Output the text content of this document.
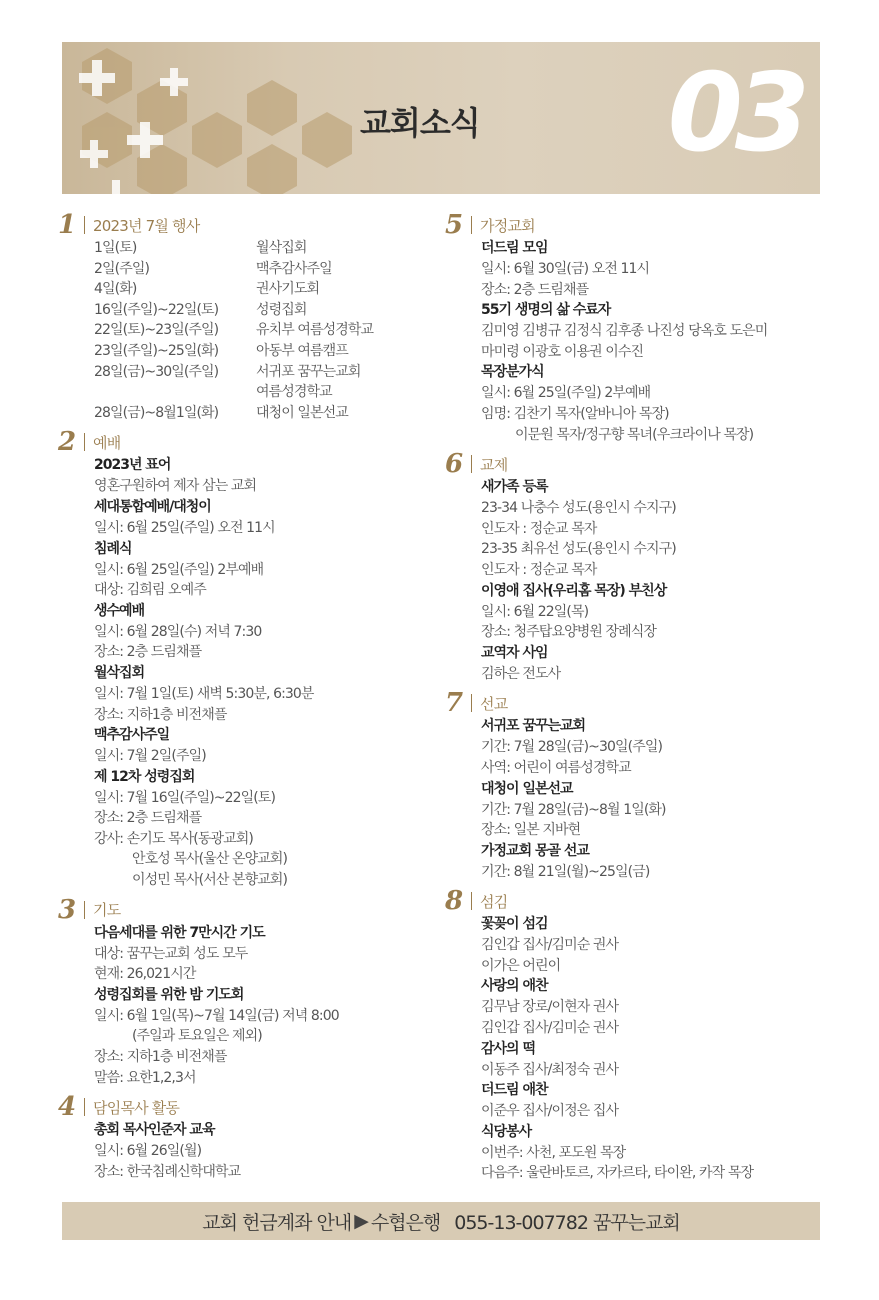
교회소식 03
1 2023년 7월 행사
1일(토)	월삭집회
2일(주일)	맥추감사주일
4일(화)	권사기도회
16일(주일)~22일(토)	성령집회
22일(토)~23일(주일)	유치부 여름성경학교
23일(주일)~25일(화)	아동부 여름캠프
28일(금)~30일(주일)	서귀포 꿈꾸는교회
여름성경학교
28일(금)~8월1일(화)	대청이 일본선교
2 예배
2023년 표어
영혼구원하여 제자 삼는 교회
세대통합예배/대청이
일시: 6월 25일(주일) 오전 11시
침례식
일시: 6월 25일(주일) 2부예배
대상: 김희림 오예주
생수예배
일시: 6월 28일(수) 저녁 7:30
장소: 2층 드림채플
월삭집회
일시: 7월 1일(토) 새벽 5:30분, 6:30분
장소: 지하1층 비전채플
맥추감사주일
일시: 7월 2일(주일)
제 12차 성령집회
일시: 7월 16일(주일)~22일(토)
장소: 2층 드림채플
강사: 손기도 목사(동광교회)
안호성 목사(울산 온양교회)
이성민 목사(서산 본향교회)
3 기도
다음세대를 위한 7만시간 기도
대상: 꿈꾸는교회 성도 모두
현재: 26,021시간
성령집회를 위한 밤 기도회
일시: 6월 1일(목)~7월 14일(금) 저녁 8:00
(주일과 토요일은 제외)
장소: 지하1층 비전채플
말씀: 요한1,2,3서
4 담임목사 활동
총회 목사인준자 교육
일시: 6월 26일(월)
장소: 한국침례신학대학교
5 가정교회
더드림 모임
일시: 6월 30일(금) 오전 11시
장소: 2층 드림채플
55기 생명의 삶 수료자
김미영 김병규 김정식 김후종 나진성 당옥호 도은미
마미령 이광호 이용권 이수진
목장분가식
일시: 6월 25일(주일) 2부예배
임명: 김찬기 목자(알바니아 목장)
이문원 목자/정구향 목녀(우크라이나 목장)
6 교제
새가족 등록
23-34 나충수 성도(용인시 수지구)
인도자 : 정순교 목자
23-35 최유선 성도(용인시 수지구)
인도자 : 정순교 목자
이영애 집사(우리홈 목장) 부친상
일시: 6월 22일(목)
장소: 청주탑요양병원 장례식장
교역자 사임
김하은 전도사
7 선교
서귀포 꿈꾸는교회
기간: 7월 28일(금)~30일(주일)
사역: 어린이 여름성경학교
대청이 일본선교
기간: 7월 28일(금)~8월 1일(화)
장소: 일본 지바현
가정교회 몽골 선교
기간: 8월 21일(월)~25일(금)
8 섬김
꽃꽂이 섬김
김인갑 집사/김미순 권사
이가은 어린이
사랑의 애찬
김무남 장로/이현자 권사
김인갑 집사/김미순 권사
감사의 떡
이동주 집사/최정숙 권사
더드림 애찬
이준우 집사/이정은 집사
식당봉사
이번주: 사천, 포도원 목장
다음주: 울란바토르, 자카르타, 타이완, 카작 목장
교회 헌금계좌 안내 ▶ 수협은행 055-13-007782 꿈꾸는교회
